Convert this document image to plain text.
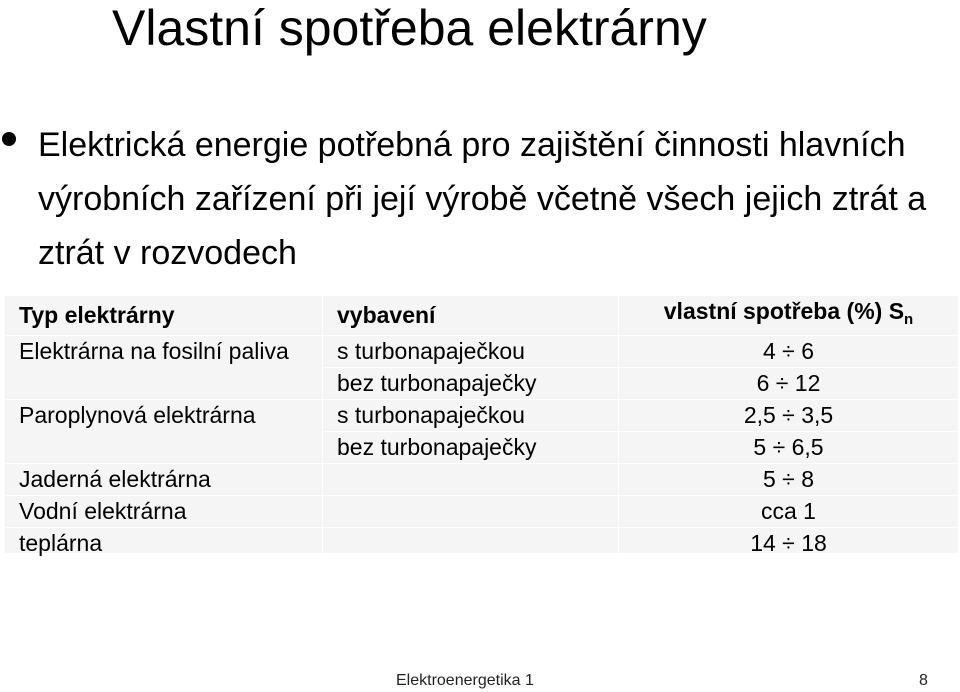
Vlastní spotřeba elektrárny
Elektrická energie potřebná pro zajištění činnosti hlavních výrobních zařízení při její výrobě včetně všech jejich ztrát a ztrát v rozvodech
Typ elektrárny	vybavení	vlastní spotřeba (%) $S_n$
Elektrárna na fosilní paliva	s turbonapaječkou	4 ÷ 6
	bez turbonapaječky	6 ÷ 12
Paroplynová elektrárna	s turbonapaječkou	2,5 ÷ 3,5
	bez turbonapaječky	5 ÷ 6,5
Jaderná elektrárna		5 ÷ 8
Vodní elektrárna		cca 1
teplárna		14 ÷ 18
Elektroenergetika 1	8
